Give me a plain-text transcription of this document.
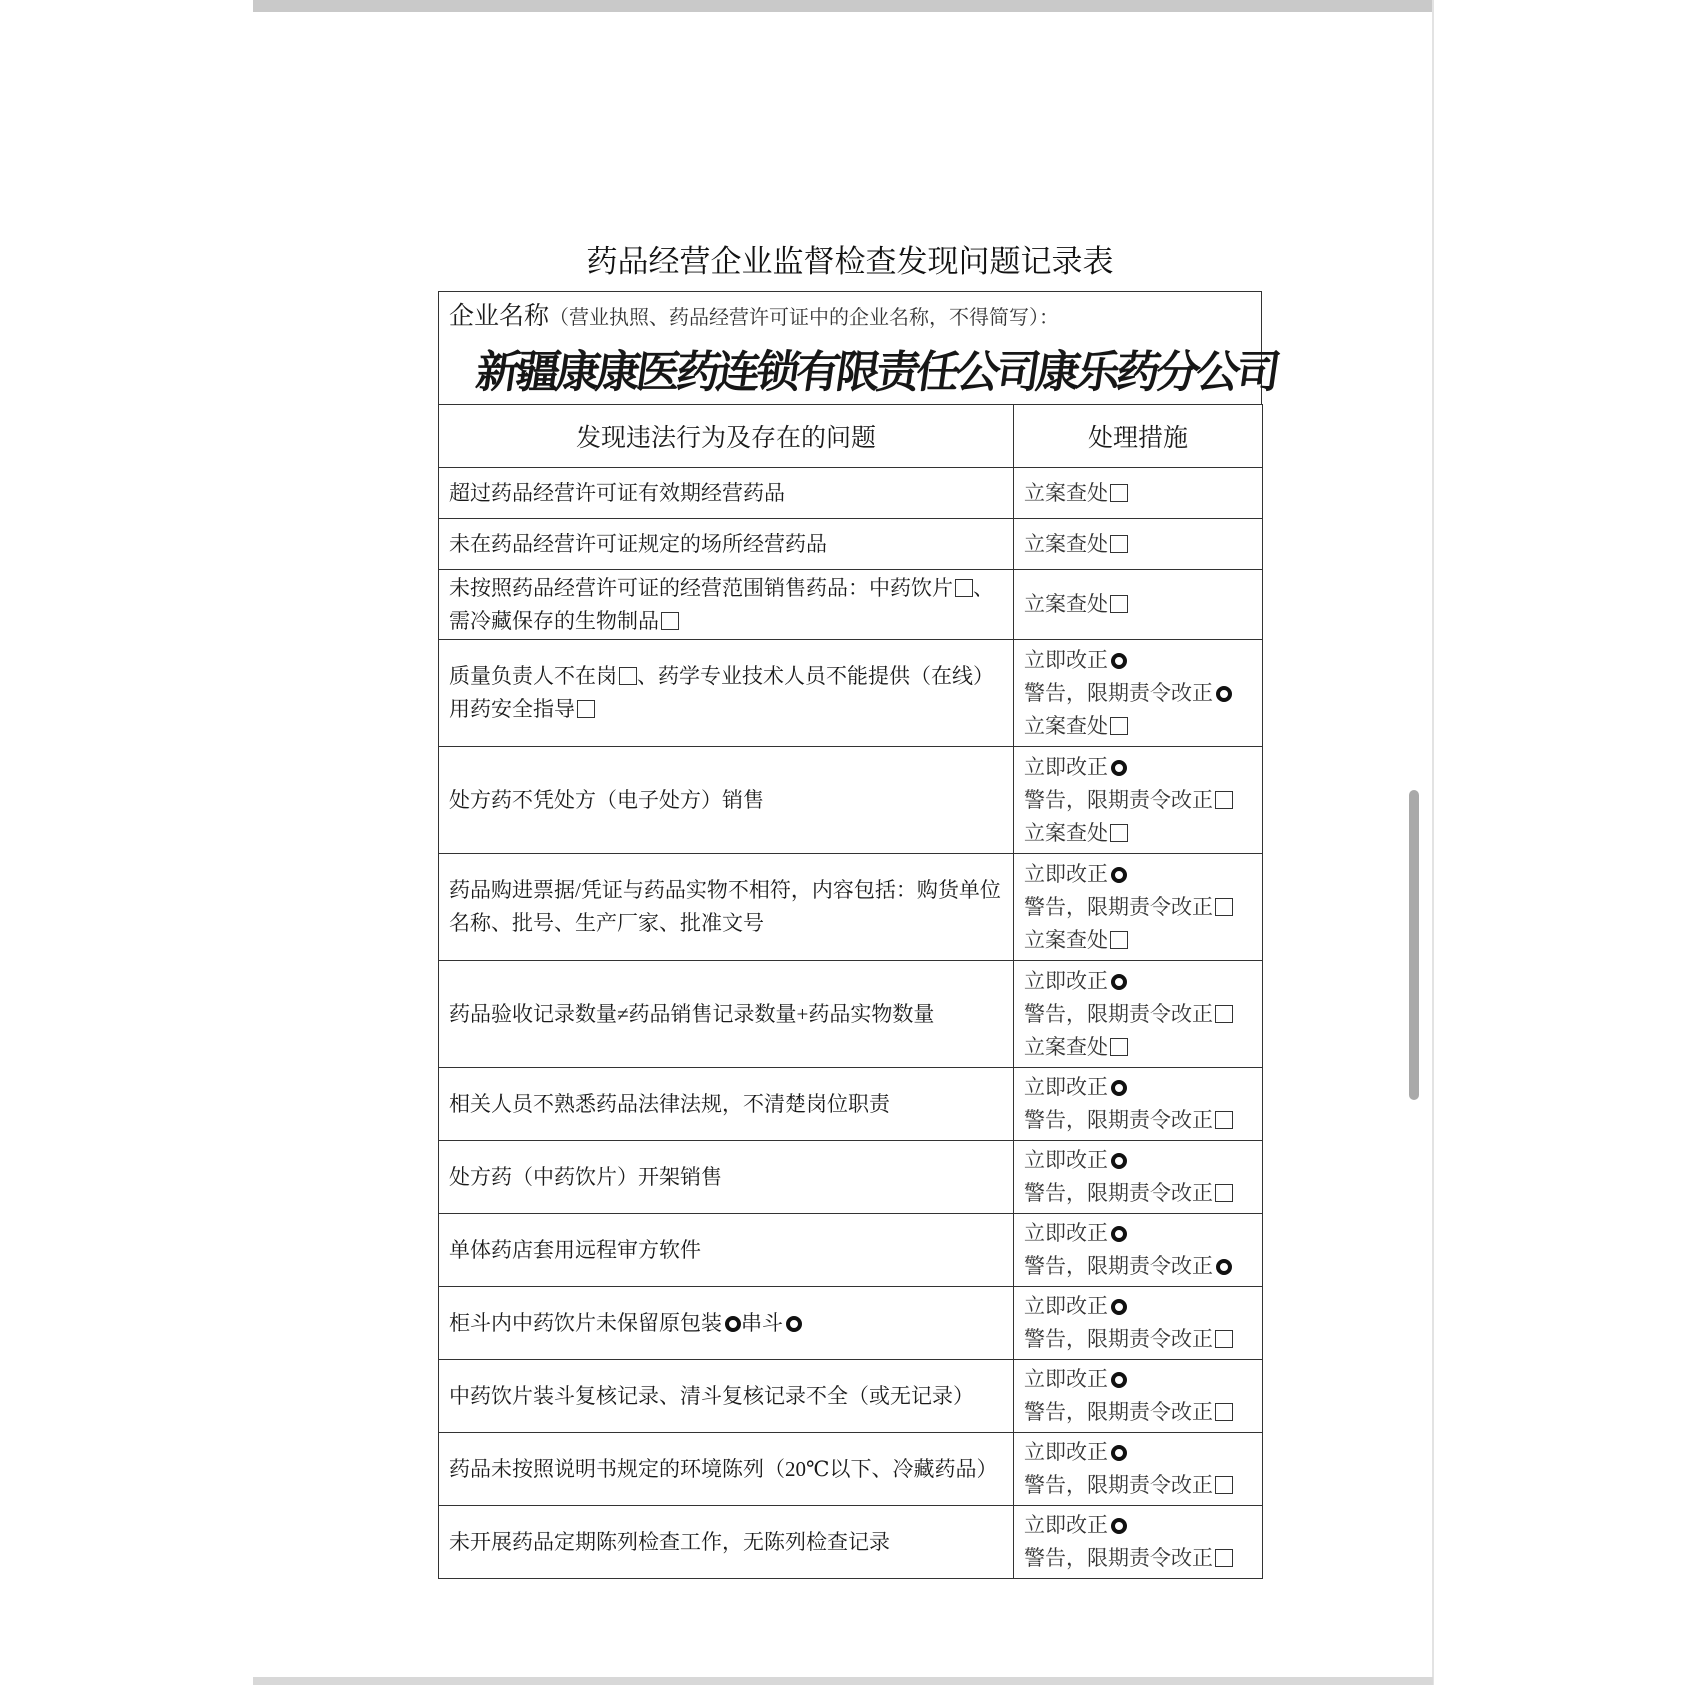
药品经营企业监督检查发现问题记录表
企业名称（营业执照、药品经营许可证中的企业名称，不得简写）：
新疆康康医药连锁有限责任公司康乐药分公司
发现违法行为及存在的问题	处理措施
超过药品经营许可证有效期经营药品	立案查处

未在药品经营许可证规定的场所经营药品	立案查处

未按照药品经营许可证的经营范围销售药品：中药饮片 、需冷藏保存的生物制品	立案查处

质量负责人不在岗 、药学专业技术人员不能提供（在线）用药安全指导	立即改正
警告，限期责令改正
立案查处

处方药不凭处方（电子处方）销售	立即改正
警告，限期责令改正
立案查处

药品购进票据/凭证与药品实物不相符，内容包括：购货单位名称、批号、生产厂家、批准文号	立即改正
警告，限期责令改正
立案查处

药品验收记录数量≠药品销售记录数量+药品实物数量	立即改正
警告，限期责令改正
立案查处

相关人员不熟悉药品法律法规，不清楚岗位职责	立即改正
警告，限期责令改正

处方药（中药饮片）开架销售	立即改正
警告，限期责令改正

单体药店套用远程审方软件	立即改正
警告，限期责令改正

柜斗内中药饮片未保留原包装 串斗	立即改正
警告，限期责令改正

中药饮片装斗复核记录、清斗复核记录不全（或无记录）	立即改正
警告，限期责令改正

药品未按照说明书规定的环境陈列（20℃以下、冷藏药品）	立即改正
警告，限期责令改正

未开展药品定期陈列检查工作，无陈列检查记录	立即改正
警告，限期责令改正
